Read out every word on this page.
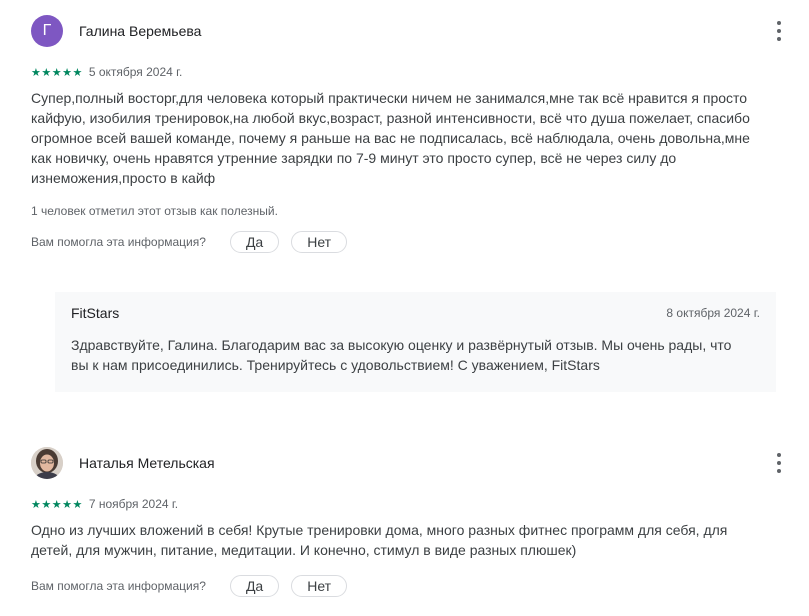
Г	Галина Веремьева
★★★★★ 5 октября 2024 г.
Супер,полный восторг,для человека который практически ничем не занимался,мне так всё нравится я просто кайфую, изобилия тренировок,на любой вкус,возраст, разной интенсивности, всё что душа пожелает, спасибо огромное всей вашей команде, почему я раньше на вас не подписалась, всё наблюдала, очень довольна,мне как новичку, очень нравятся утренние зарядки по 7-9 минут это просто супер, всё не через силу до изнеможения,просто в кайф
1 человек отметил этот отзыв как полезный.
Вам помогла эта информация?	Да	Нет
FitStars	8 октября 2024 г.
Здравствуйте, Галина. Благодарим вас за высокую оценку и развёрнутый отзыв. Мы очень рады, что вы к нам присоединились. Тренируйтесь с удовольствием! С уважением, FitStars
Наталья Метельская
★★★★★ 7 ноября 2024 г.
Одно из лучших вложений в себя! Крутые тренировки дома, много разных фитнес программ для себя, для детей, для мужчин, питание, медитации. И конечно, стимул в виде разных плюшек)
Вам помогла эта информация?	Да	Нет
